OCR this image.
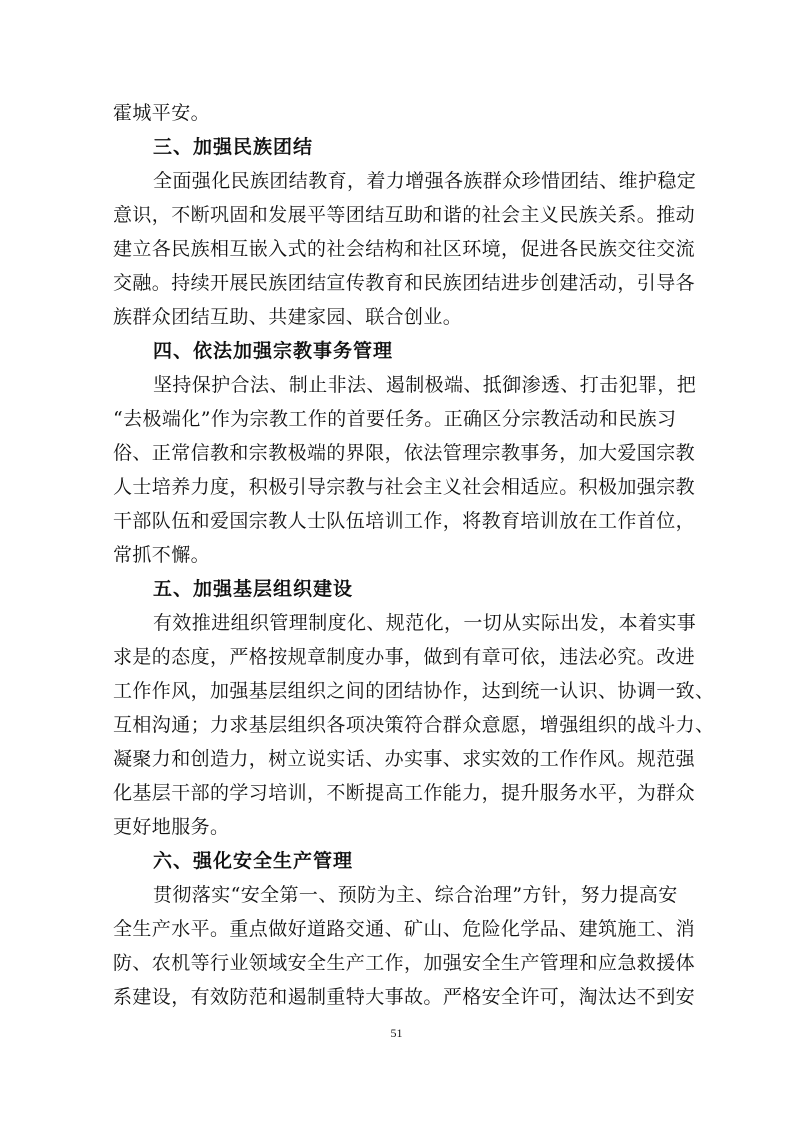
霍城平安。
三、加强民族团结
全面强化民族团结教育，着力增强各族群众珍惜团结、维护稳定
意识，不断巩固和发展平等团结互助和谐的社会主义民族关系。推动
建立各民族相互嵌入式的社会结构和社区环境，促进各民族交往交流
交融。持续开展民族团结宣传教育和民族团结进步创建活动，引导各
族群众团结互助、共建家园、联合创业。
四、依法加强宗教事务管理
坚持保护合法、制止非法、遏制极端、抵御渗透、打击犯罪，把
“去极端化”作为宗教工作的首要任务。正确区分宗教活动和民族习
俗、正常信教和宗教极端的界限，依法管理宗教事务，加大爱国宗教
人士培养力度，积极引导宗教与社会主义社会相适应。积极加强宗教
干部队伍和爱国宗教人士队伍培训工作，将教育培训放在工作首位，
常抓不懈。
五、加强基层组织建设
有效推进组织管理制度化、规范化，一切从实际出发，本着实事
求是的态度，严格按规章制度办事，做到有章可依，违法必究。改进
工作作风，加强基层组织之间的团结协作，达到统一认识、协调一致、
互相沟通；力求基层组织各项决策符合群众意愿，增强组织的战斗力、
凝聚力和创造力，树立说实话、办实事、求实效的工作作风。规范强
化基层干部的学习培训，不断提高工作能力，提升服务水平，为群众
更好地服务。
六、强化安全生产管理
贯彻落实“安全第一、预防为主、综合治理”方针，努力提高安
全生产水平。重点做好道路交通、矿山、危险化学品、建筑施工、消
防、农机等行业领域安全生产工作，加强安全生产管理和应急救援体
系建设，有效防范和遏制重特大事故。严格安全许可，淘汰达不到安
51
